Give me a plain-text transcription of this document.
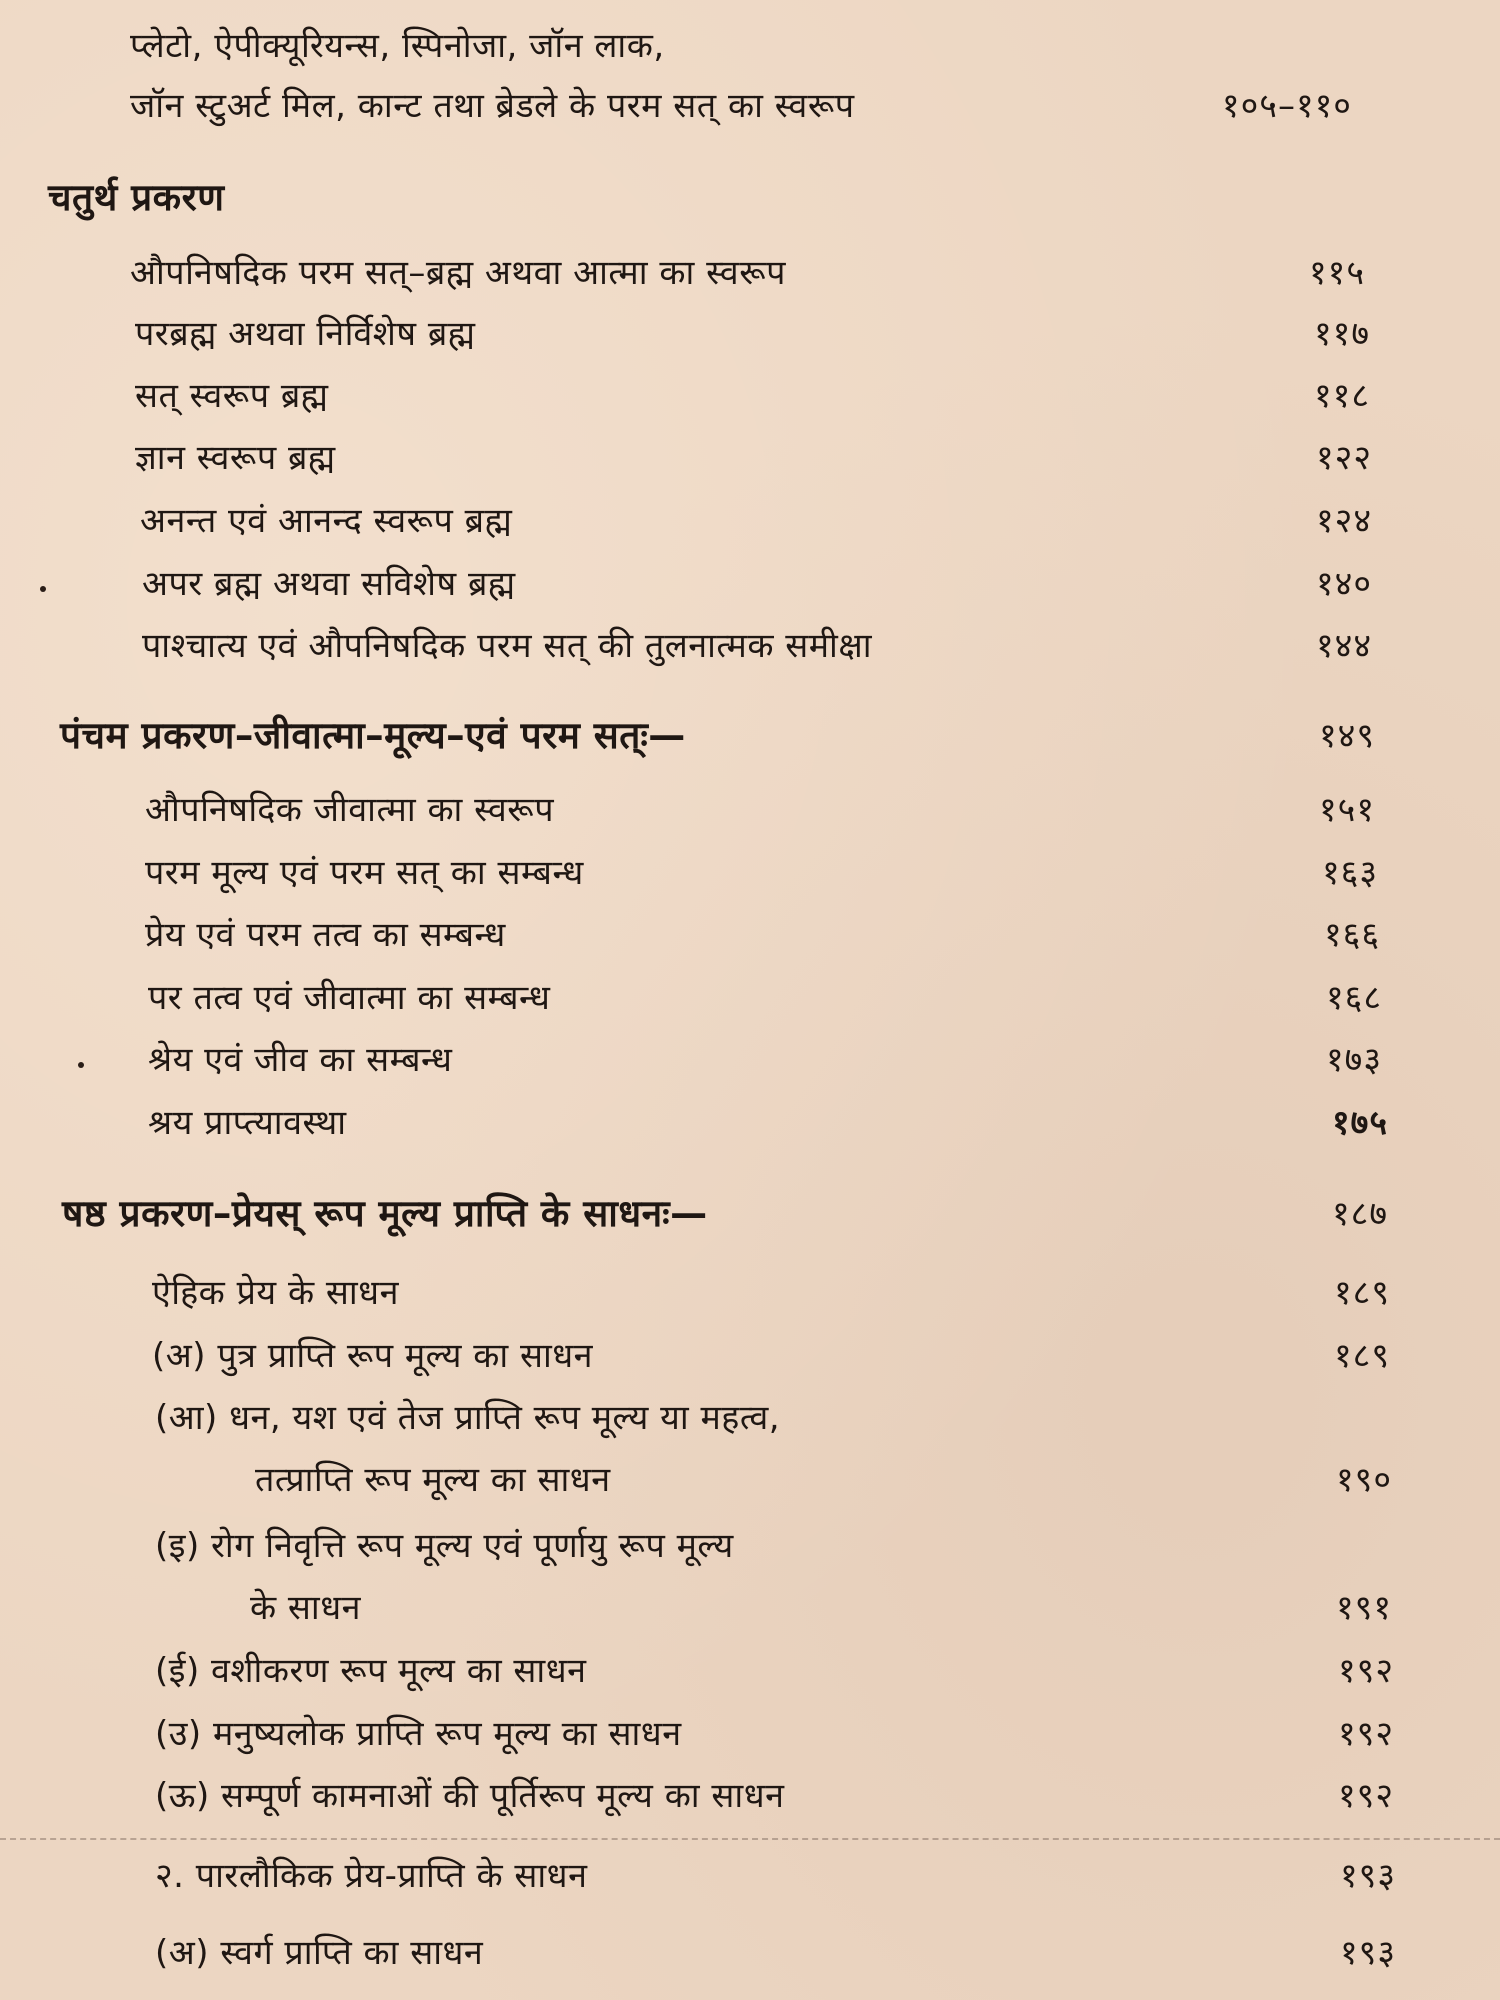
प्लेटो, ऐपीक्यूरियन्स, स्पिनोजा, जॉन लाक,
जॉन स्टुअर्ट मिल, कान्ट तथा ब्रेडले के परम सत् का स्वरूप	१०५–११०
चतुर्थ प्रकरण
औपनिषदिक परम सत्–ब्रह्म अथवा आत्मा का स्वरूप	११५
परब्रह्म अथवा निर्विशेष ब्रह्म	११७
सत् स्वरूप ब्रह्म	११८
ज्ञान स्वरूप ब्रह्म	१२२
अनन्त एवं आनन्द स्वरूप ब्रह्म	१२४
अपर ब्रह्म अथवा सविशेष ब्रह्म	१४०
पाश्चात्य एवं औपनिषदिक परम सत् की तुलनात्मक समीक्षा	१४४
पंचम प्रकरण–जीवात्मा–मूल्य–एवं परम सत्ः—	१४९
औपनिषदिक जीवात्मा का स्वरूप	१५१
परम मूल्य एवं परम सत् का सम्बन्ध	१६३
प्रेय एवं परम तत्व का सम्बन्ध	१६६
पर तत्व एवं जीवात्मा का सम्बन्ध	१६८
श्रेय एवं जीव का सम्बन्ध	१७३
श्रय प्राप्त्यावस्था	१७५
षष्ठ प्रकरण–प्रेयस् रूप मूल्य प्राप्ति के साधनः—	१८७
ऐहिक प्रेय के साधन	१८९
(अ) पुत्र प्राप्ति रूप मूल्य का साधन	१८९
(आ) धन, यश एवं तेज प्राप्ति रूप मूल्य या महत्व,
तत्प्राप्ति रूप मूल्य का साधन	१९०
(इ) रोग निवृत्ति रूप मूल्य एवं पूर्णायु रूप मूल्य
के साधन	१९१
(ई) वशीकरण रूप मूल्य का साधन	१९२
(उ) मनुष्यलोक प्राप्ति रूप मूल्य का साधन	१९२
(ऊ) सम्पूर्ण कामनाओं की पूर्तिरूप मूल्य का साधन	१९२
२. पारलौकिक प्रेय-प्राप्ति के साधन	१९३
(अ) स्वर्ग प्राप्ति का साधन	१९३
